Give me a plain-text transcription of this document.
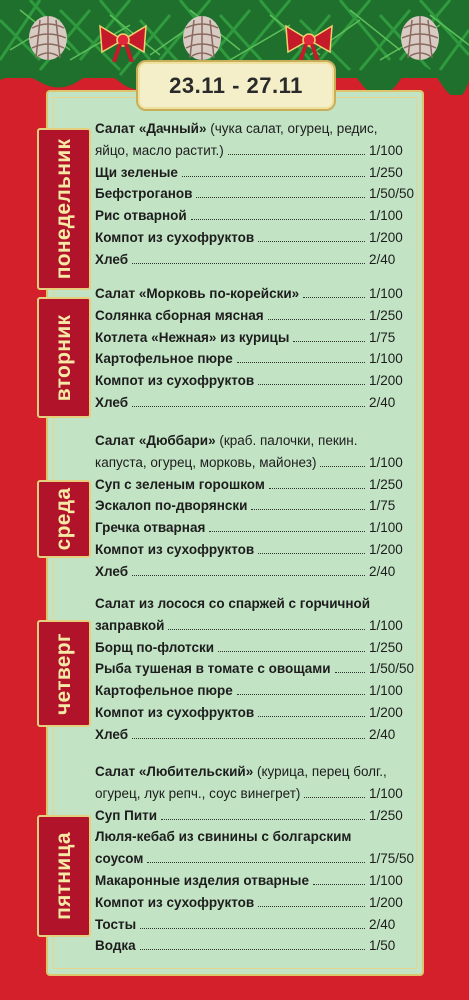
23.11 - 27.11
понедельник
вторник
среда
четверг
пятница
Салат «Дачный» (чука салат, огурец, редис,
яйцо, масло растит.)	1/100
Щи зеленые	1/250
Бефстроганов	1/50/50
Рис отварной	1/100
Компот из сухофруктов	1/200
Хлеб	2/40
Салат «Морковь по-корейски»	1/100
Солянка сборная мясная	1/250
Котлета «Нежная» из курицы	1/75
Картофельное пюре	1/100
Компот из сухофруктов	1/200
Хлеб	2/40
Салат «Дюббари» (краб. палочки, пекин.
капуста, огурец, морковь, майонез)	1/100
Суп с зеленым горошком	1/250
Эскалоп по-дворянски	1/75
Гречка отварная	1/100
Компот из сухофруктов	1/200
Хлеб	2/40
Салат из лосося со спаржей с горчичной
заправкой	1/100
Борщ по-флотски	1/250
Рыба тушеная в томате с овощами	1/50/50
Картофельное пюре	1/100
Компот из сухофруктов	1/200
Хлеб	2/40
Салат «Любительский» (курица, перец болг.,
огурец, лук репч., соус винегрет)	1/100
Суп Пити	1/250
Люля-кебаб из свинины с болгарским
соусом	1/75/50
Макаронные изделия отварные	1/100
Компот из сухофруктов	1/200
Тосты	2/40
Водка	1/50
